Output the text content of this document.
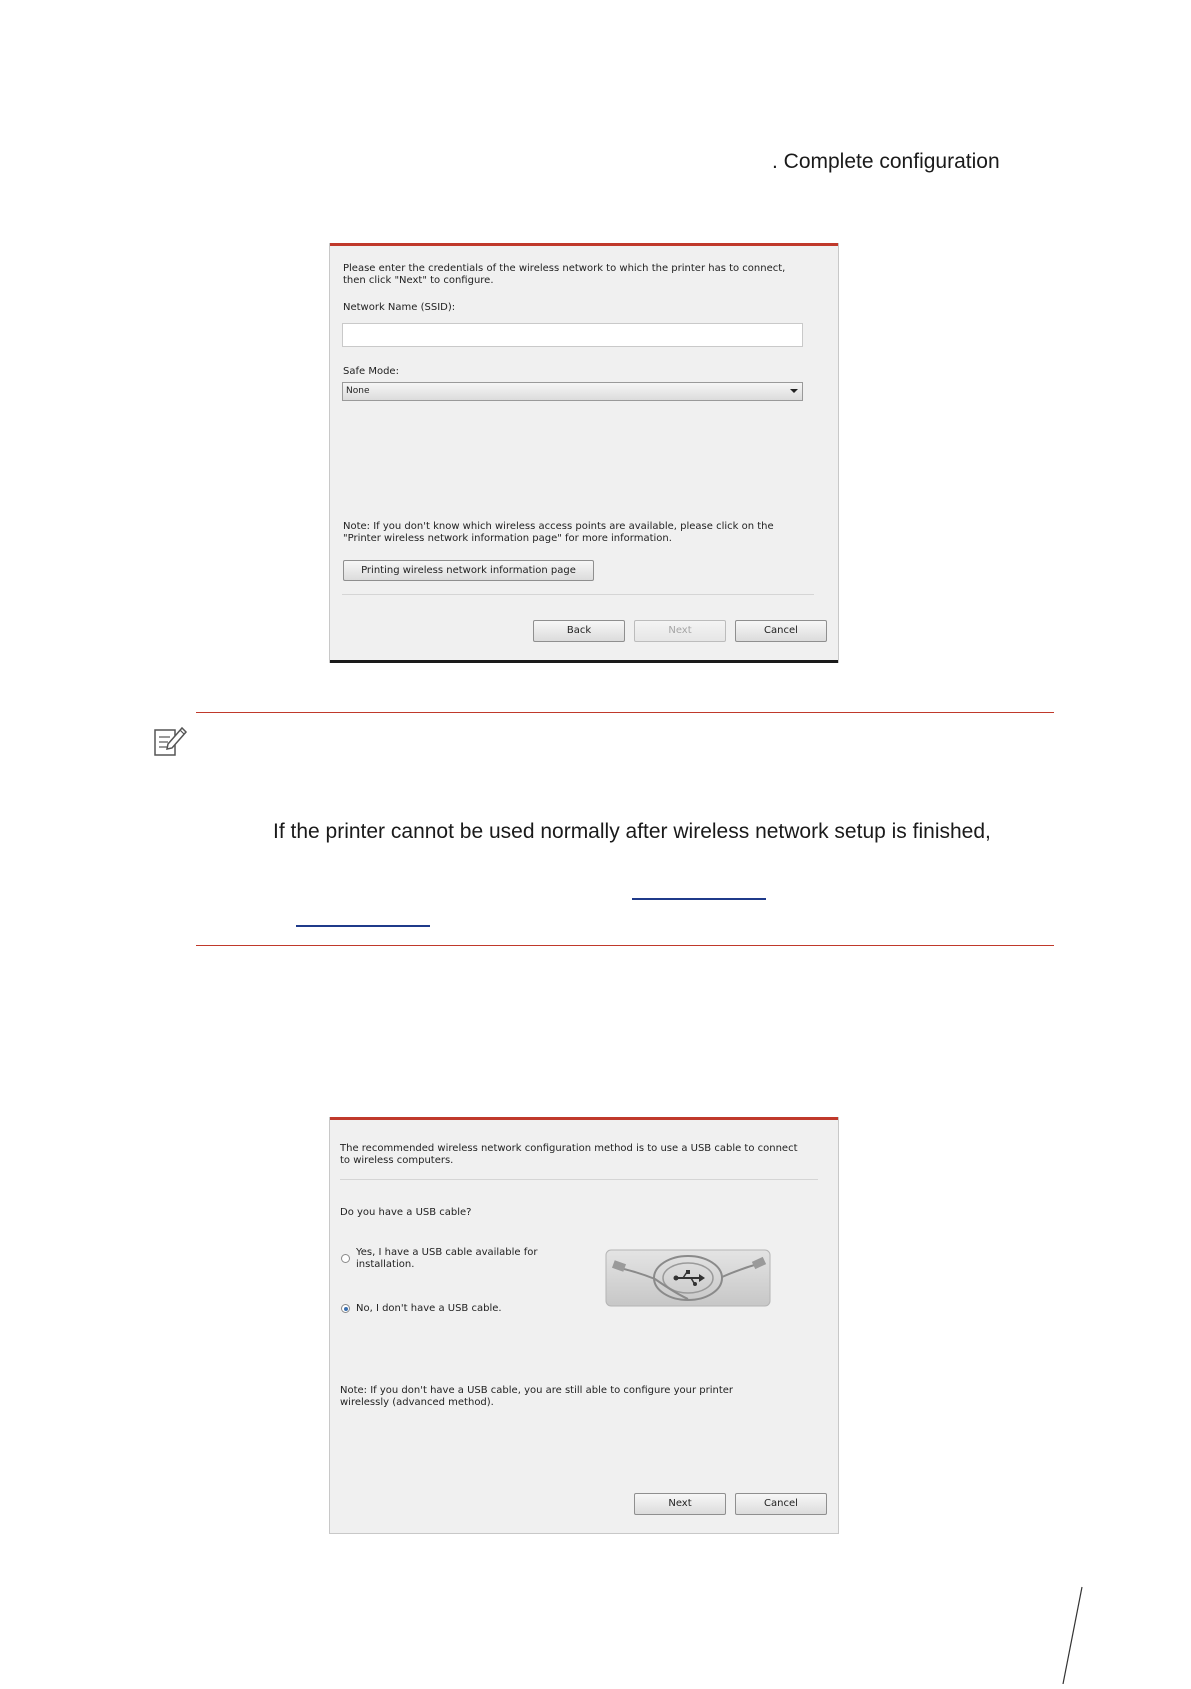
. Complete configuration
Please enter the credentials of the wireless network to which the printer has to connect, then click "Next" to configure.
Network Name (SSID):
Safe Mode:
None
Note: If you don't know which wireless access points are available, please click on the "Printer wireless network information page" for more information.
Printing wireless network information page
Back	Next	Cancel
If the printer cannot be used normally after wireless network setup is finished,
The recommended wireless network configuration method is to use a USB cable to connect to wireless computers.
Do you have a USB cable?
Yes, I have a USB cable available for installation.
No, I don't have a USB cable.
Note: If you don't have a USB cable, you are still able to configure your printer wirelessly (advanced method).
Next	Cancel
